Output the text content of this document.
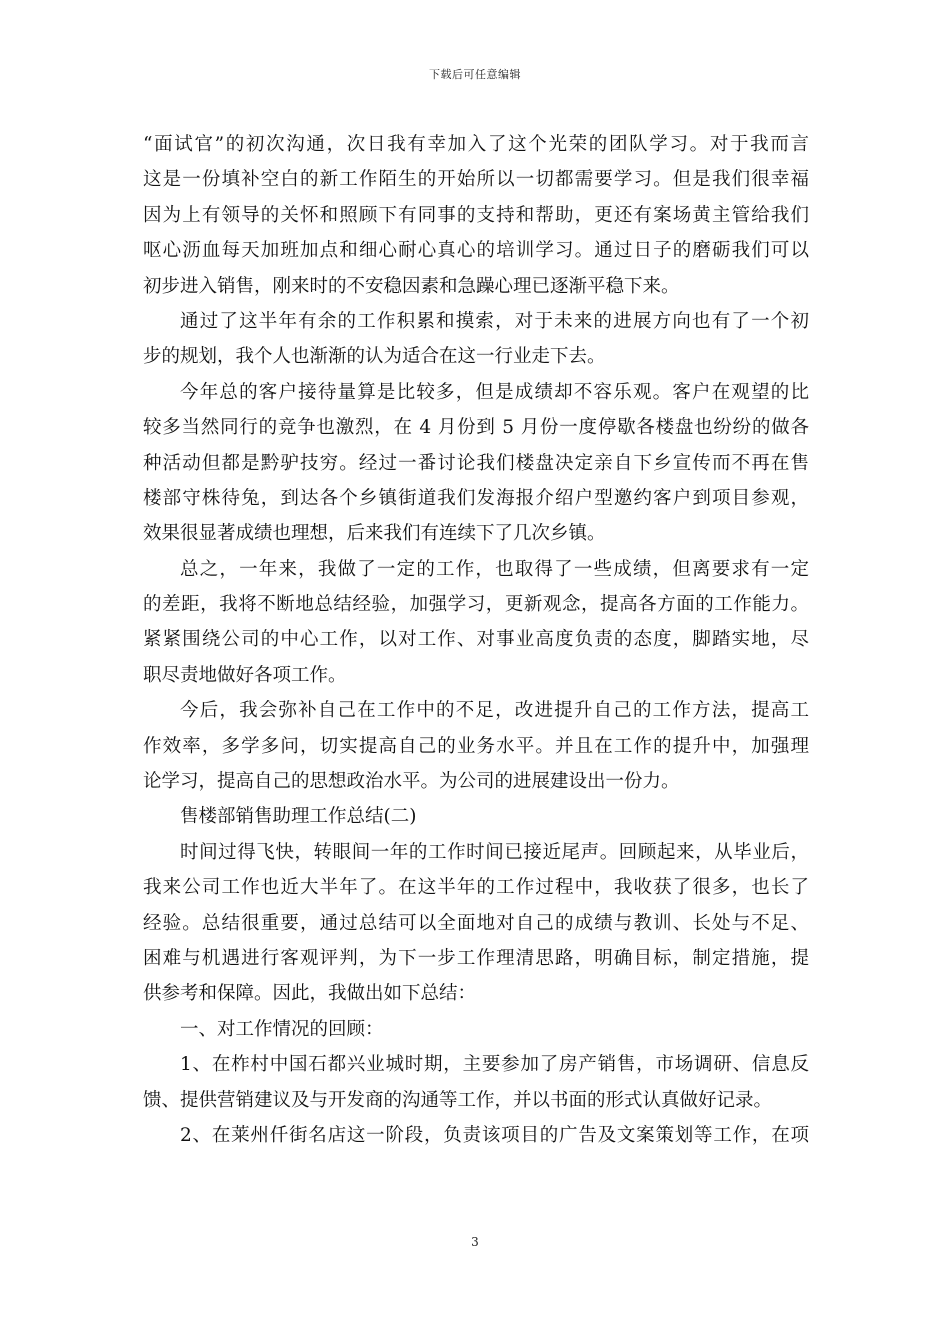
下载后可任意编辑
“面试官”的初次沟通，次日我有幸加入了这个光荣的团队学习。对于我而言
这是一份填补空白的新工作陌生的开始所以一切都需要学习。但是我们很幸福
因为上有领导的关怀和照顾下有同事的支持和帮助，更还有案场黄主管给我们
呕心沥血每天加班加点和细心耐心真心的培训学习。通过日子的磨砺我们可以
初步进入销售，刚来时的不安稳因素和急躁心理已逐渐平稳下来。
通过了这半年有余的工作积累和摸索，对于未来的进展方向也有了一个初
步的规划，我个人也渐渐的认为适合在这一行业走下去。
今年总的客户接待量算是比较多，但是成绩却不容乐观。客户在观望的比
较多当然同行的竞争也激烈，在 4 月份到 5 月份一度停歇各楼盘也纷纷的做各
种活动但都是黔驴技穷。经过一番讨论我们楼盘决定亲自下乡宣传而不再在售
楼部守株待兔，到达各个乡镇街道我们发海报介绍户型邀约客户到项目参观，
效果很显著成绩也理想，后来我们有连续下了几次乡镇。
总之，一年来，我做了一定的工作，也取得了一些成绩，但离要求有一定
的差距，我将不断地总结经验，加强学习，更新观念，提高各方面的工作能力。
紧紧围绕公司的中心工作，以对工作、对事业高度负责的态度，脚踏实地，尽
职尽责地做好各项工作。
今后，我会弥补自己在工作中的不足，改进提升自己的工作方法，提高工
作效率，多学多问，切实提高自己的业务水平。并且在工作的提升中，加强理
论学习，提高自己的思想政治水平。为公司的进展建设出一份力。
售楼部销售助理工作总结(二)
时间过得飞快，转眼间一年的工作时间已接近尾声。回顾起来，从毕业后，
我来公司工作也近大半年了。在这半年的工作过程中，我收获了很多，也长了
经验。总结很重要，通过总结可以全面地对自己的成绩与教训、长处与不足、
困难与机遇进行客观评判，为下一步工作理清思路，明确目标，制定措施，提
供参考和保障。因此，我做出如下总结：
一、对工作情况的回顾：
1、在柞村中国石都兴业城时期，主要参加了房产销售，市场调研、信息反
馈、提供营销建议及与开发商的沟通等工作，并以书面的形式认真做好记录。
2、在莱州仟街名店这一阶段，负责该项目的广告及文案策划等工作，在项
3
